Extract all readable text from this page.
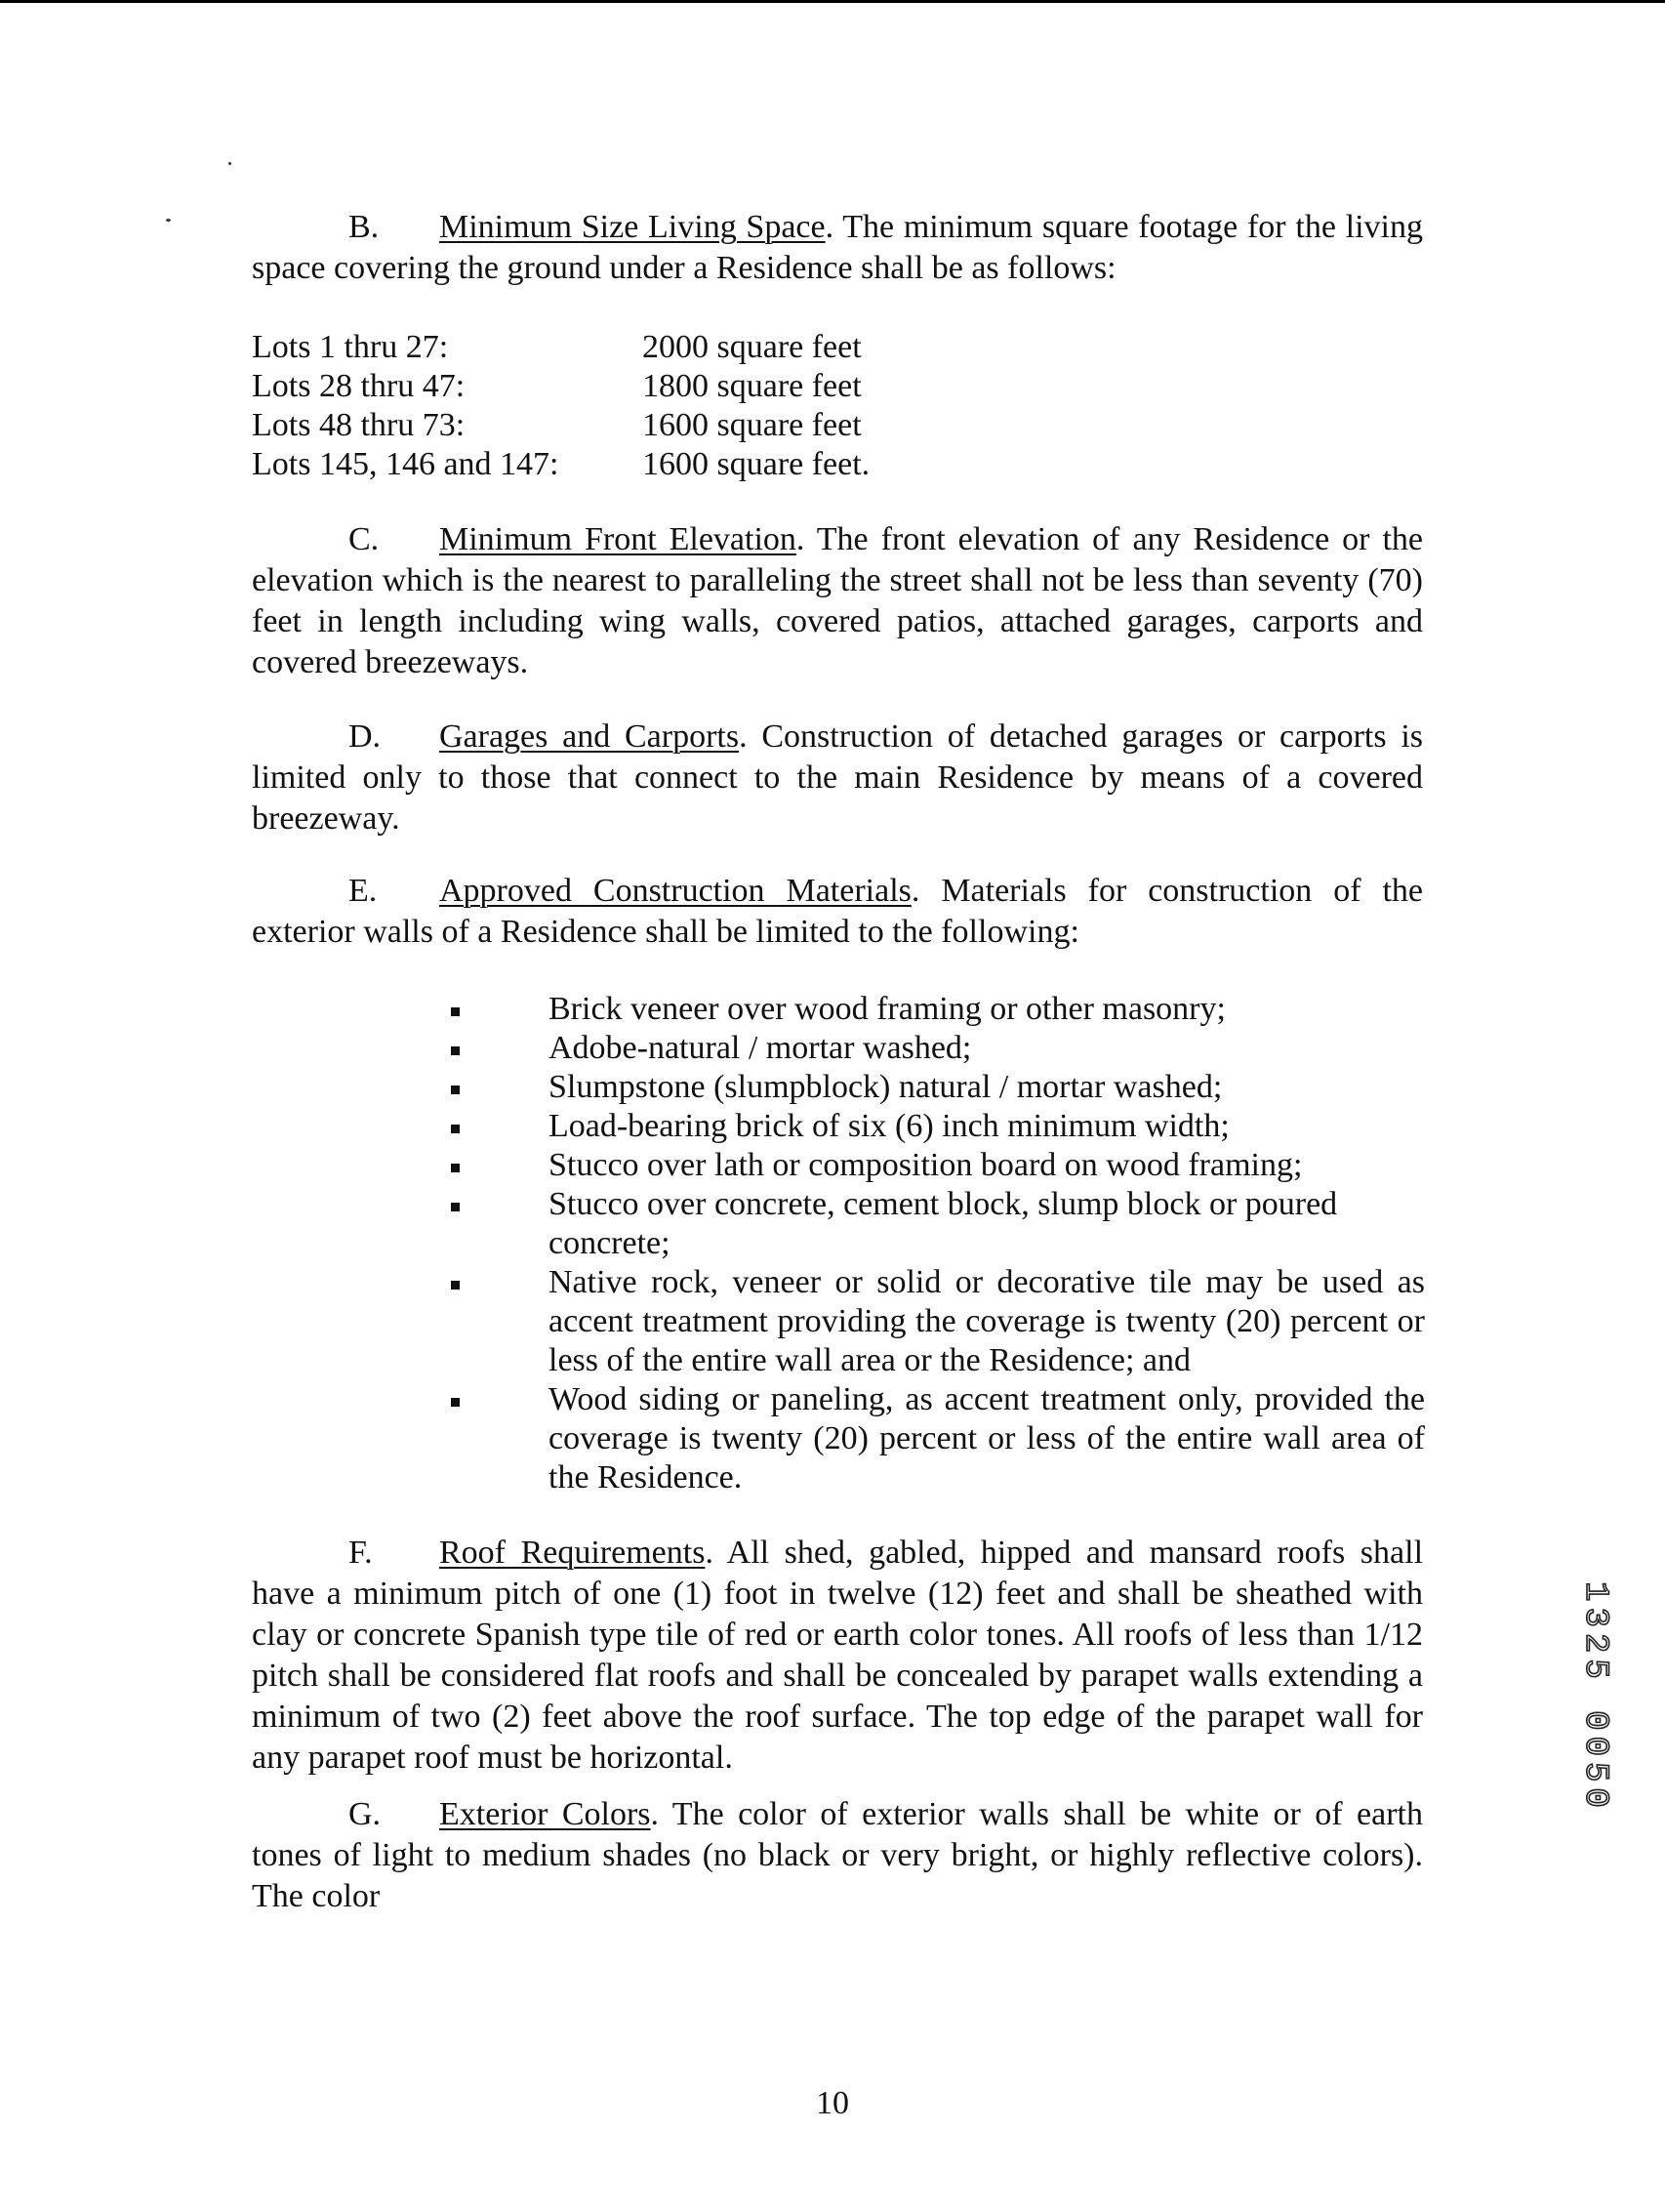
B. Minimum Size Living Space. The minimum square footage for the living space covering the ground under a Residence shall be as follows:
Lots 1 thru 27:	2000 square feet
Lots 28 thru 47:	1800 square feet
Lots 48 thru 73:	1600 square feet
Lots 145, 146 and 147:	1600 square feet.
C. Minimum Front Elevation. The front elevation of any Residence or the elevation which is the nearest to paralleling the street shall not be less than seventy (70) feet in length including wing walls, covered patios, attached garages, carports and covered breezeways.
D. Garages and Carports. Construction of detached garages or carports is limited only to those that connect to the main Residence by means of a covered breezeway.
E. Approved Construction Materials. Materials for construction of the exterior walls of a Residence shall be limited to the following:
Brick veneer over wood framing or other masonry;
Adobe-natural / mortar washed;
Slumpstone (slumpblock) natural / mortar washed;
Load-bearing brick of six (6) inch minimum width;
Stucco over lath or composition board on wood framing;
Stucco over concrete, cement block, slump block or poured concrete;
Native rock, veneer or solid or decorative tile may be used as accent treatment providing the coverage is twenty (20) percent or less of the entire wall area or the Residence; and
Wood siding or paneling, as accent treatment only, provided the coverage is twenty (20) percent or less of the entire wall area of the Residence.
F. Roof Requirements. All shed, gabled, hipped and mansard roofs shall have a minimum pitch of one (1) foot in twelve (12) feet and shall be sheathed with clay or concrete Spanish type tile of red or earth color tones. All roofs of less than 1/12 pitch shall be considered flat roofs and shall be concealed by parapet walls extending a minimum of two (2) feet above the roof surface. The top edge of the parapet wall for any parapet roof must be horizontal.
G. Exterior Colors. The color of exterior walls shall be white or of earth tones of light to medium shades (no black or very bright, or highly reflective colors). The color
1325 0050
10
